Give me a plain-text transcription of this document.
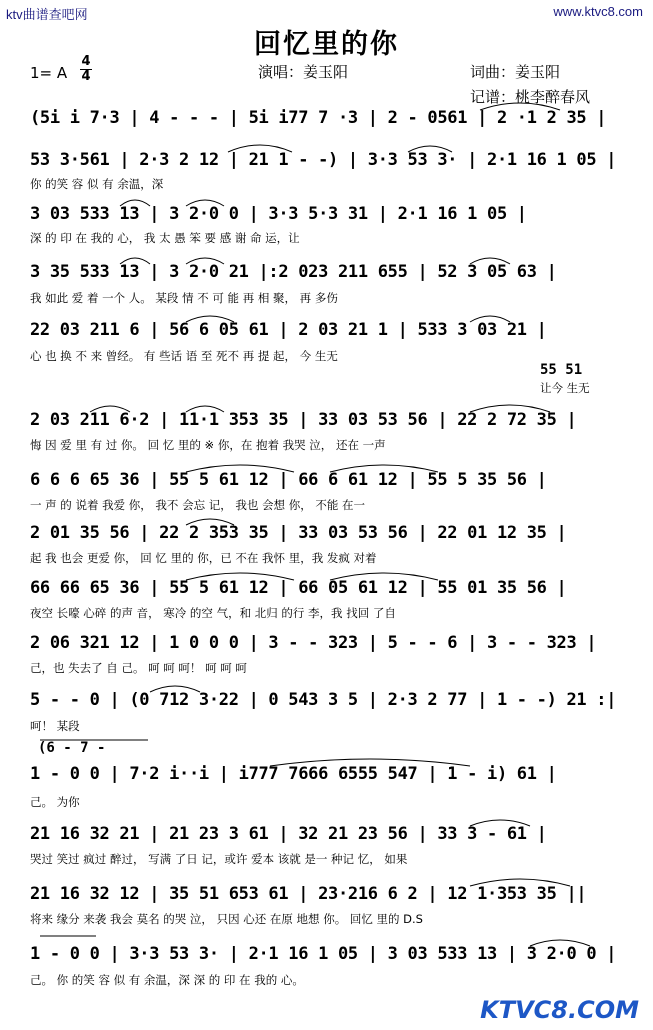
ktv曲谱查吧网	www.ktvc8.com
回忆里的你
1= A
4
4	演唱：姜玉阳	词曲：姜玉阳
记谱：桃李醉春风
(5i i 7·3 | 4 - - - | 5i i77 7 ·3 | 2 - 0561 | 2 ·1 2 35 |
53 3·561 | 2·3 2 12 | 21 1 - -) | 3·3 53 3· | 2·1 16 1 05 |
你 的笑 容 似 有 余温，深
3 03 533 13 | 3 2·0 0 | 3·3 5·3 31 | 2·1 16 1 05 |
深 的 印 在 我的 心， 我 太 愚 笨 要 感 谢 命 运，让
3 35 533 13 | 3 2·0 21 |:2 023 211 655 | 52 3 05 63 |
我 如此 爱 着 一个 人。 某段 情 不 可 能 再 相 聚， 再 多伤
22 03 211 6 | 56 6 05 61 | 2 03 21 1 | 533 3 03 21 |
心 也 换 不 来 曾经。 有 些话 语 至 死不 再 提 起， 今 生无
55 51
让今 生无
2 03 211 6·2 | 11·1 353 35 | 33 03 53 56 | 22 2 72 35 |
悔 因 爱 里 有 过 你。 回 忆 里的 ※ 你，在 抱着 我哭 泣， 还在 一声
6 6 6 65 36 | 55 5 61 12 | 66 6 61 12 | 55 5 35 56 |
一 声 的 说着 我爱 你， 我不 会忘 记， 我也 会想 你， 不能 在一
2 01 35 56 | 22 2 353 35 | 33 03 53 56 | 22 01 12 35 |
起 我 也会 更爱 你， 回 忆 里的 你，已 不在 我怀 里，我 发疯 对着
66 66 65 36 | 55 5 61 12 | 66 05 61 12 | 55 01 35 56 |
夜空 长嚎 心碎 的声 音， 寒冷 的空 气，和 北归 的行 李，我 找回 了自
2 06 321 12 | 1 0 0 0 | 3 - - 323 | 5 - - 6 | 3 - - 323 |
己，也 失去了 自 己。 呵 呵 呵！ 呵 呵 呵
5 - - 0 | (0 712 3·22 | 0 543 3 5 | 2·3 2 77 | 1 - -) 21 :|
呵！ 某段
(6 - 7 -
1 - 0 0 | 7·2 i··i | i777 7666 6555 547 | 1 - i) 61 |
己。 为你
21 16 32 21 | 21 23 3 61 | 32 21 23 56 | 33 3 - 61 |
哭过 笑过 疯过 醉过， 写满 了日 记，或许 爱本 该就 是一 种记 忆， 如果
21 16 32 12 | 35 51 653 61 | 23·216 6 2 | 12 1·353 35 ||
将来 缘分 来袭 我会 莫名 的哭 泣， 只因 心还 在原 地想 你。 回忆 里的 D.S
1 - 0 0 | 3·3 53 3· | 2·1 16 1 05 | 3 03 533 13 | 3 2·0 0 |
己。 你 的笑 容 似 有 余温，深 深 的 印 在 我的 心。
KTVC8.COM
